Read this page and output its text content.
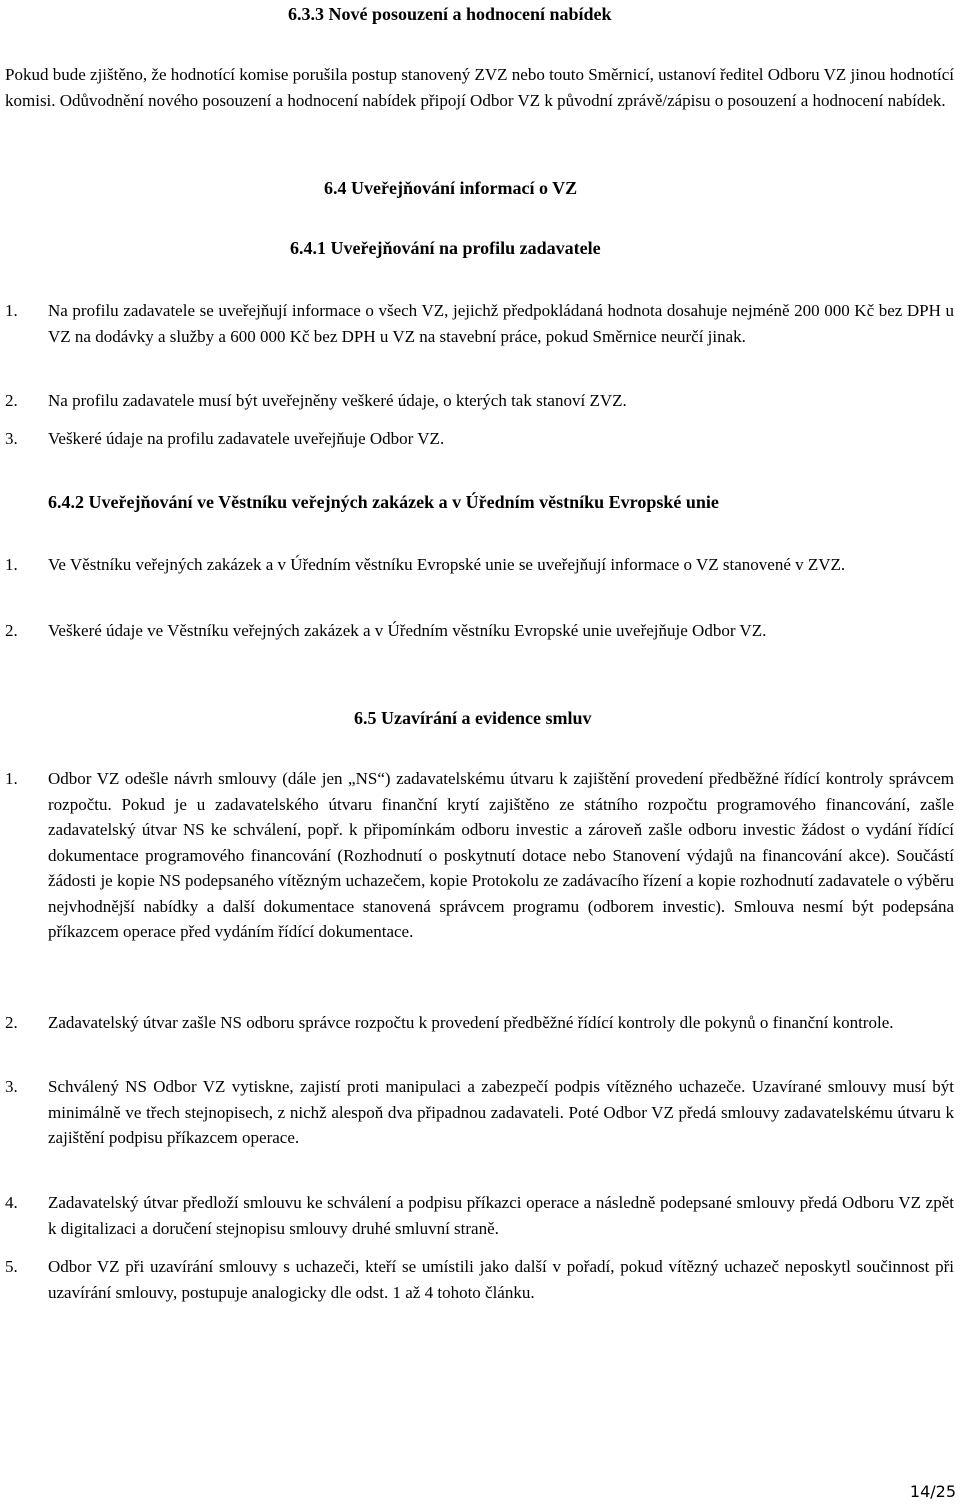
6.3.3 Nové posouzení a hodnocení nabídek

Pokud bude zjištěno, že hodnotící komise porušila postup stanovený ZVZ nebo touto Směrnicí, ustanoví ředitel Odboru VZ jinou hodnotící komisi. Odůvodnění nového posouzení a hodnocení nabídek připojí Odbor VZ k původní zprávě/zápisu o posouzení a hodnocení nabídek.

6.4 Uveřejňování informací o VZ
6.4.1 Uveřejňování na profilu zadavatele
1.	Na profilu zadavatele se uveřejňují informace o všech VZ, jejichž předpokládaná hodnota dosahuje nejméně 200 000 Kč bez DPH u VZ na dodávky a služby a 600 000 Kč bez DPH u VZ na stavební práce, pokud Směrnice neurčí jinak.
2.	Na profilu zadavatele musí být uveřejněny veškeré údaje, o kterých tak stanoví ZVZ.
3.	Veškeré údaje na profilu zadavatele uveřejňuje Odbor VZ.
6.4.2 Uveřejňování ve Věstníku veřejných zakázek a v Úředním věstníku Evropské unie
1.	Ve Věstníku veřejných zakázek a v Úředním věstníku Evropské unie se uveřejňují informace o VZ stanovené v ZVZ.
2.	Veškeré údaje ve Věstníku veřejných zakázek a v Úředním věstníku Evropské unie uveřejňuje Odbor VZ.
6.5 Uzavírání a evidence smluv
1.	Odbor VZ odešle návrh smlouvy (dále jen „NS“) zadavatelskému útvaru k zajištění provedení předběžné řídící kontroly správcem rozpočtu. Pokud je u zadavatelského útvaru finanční krytí zajištěno ze státního rozpočtu programového financování, zašle zadavatelský útvar NS ke schválení, popř. k připomínkám odboru investic a zároveň zašle odboru investic žádost o vydání řídící dokumentace programového financování (Rozhodnutí o poskytnutí dotace nebo Stanovení výdajů na financování akce). Součástí žádosti je kopie NS podepsaného vítězným uchazečem, kopie Protokolu ze zadávacího řízení a kopie rozhodnutí zadavatele o výběru nejvhodnější nabídky a další dokumentace stanovená správcem programu (odborem investic). Smlouva nesmí být podepsána příkazcem operace před vydáním řídící dokumentace.
2.	Zadavatelský útvar zašle NS odboru správce rozpočtu k provedení předběžné řídící kontroly dle pokynů o finanční kontrole.
3.	Schválený NS Odbor VZ vytiskne, zajistí proti manipulaci a zabezpečí podpis vítězného uchazeče. Uzavírané smlouvy musí být minimálně ve třech stejnopisech, z nichž alespoň dva připadnou zadavateli. Poté Odbor VZ předá smlouvy zadavatelskému útvaru k zajištění podpisu příkazcem operace.
4.	Zadavatelský útvar předloží smlouvu ke schválení a podpisu příkazci operace a následně podepsané smlouvy předá Odboru VZ zpět k digitalizaci a doručení stejnopisu smlouvy druhé smluvní straně.
5.	Odbor VZ při uzavírání smlouvy s uchazeči, kteří se umístili jako další v pořadí, pokud vítězný uchazeč neposkytl součinnost při uzavírání smlouvy, postupuje analogicky dle odst. 1 až 4 tohoto článku.
14/25
